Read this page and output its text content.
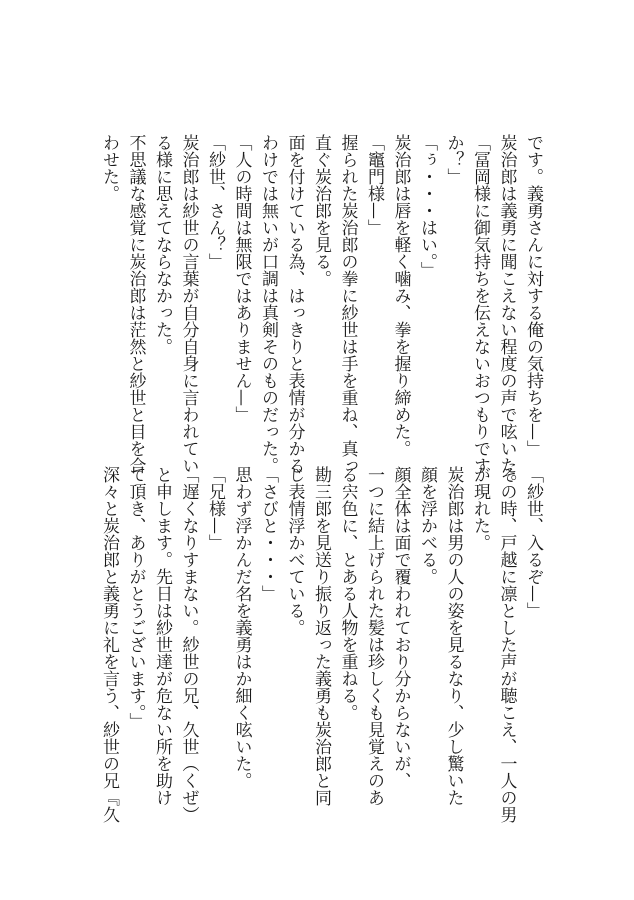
「紗世、入るぞ—」

その時、戸越に凛とした声が聴こえ、一人の男

が現れた。

炭治郎は男の人の姿を見るなり、少し驚いた

顔を浮かべる。

顔全体は面で覆われており分からないが、

一つに結上げられた髪は珍しくも見覚えのあ

る宍色に、とある人物を重ねる。

勘三郎を見送り振り返った義勇も炭治郎と同

じ表情浮かべている。

「さびと・・・」

思わず浮かんだ名を義勇はか細く呟いた。

「兄様—」

「遅くなりすまない。紗世の兄、久世（くぜ）

と申します。先日は紗世達が危ない所を助け

て頂き、ありがとうございます。」

深々と炭治郎と義勇に礼を言う、紗世の兄『久

です。義勇さんに対する俺の気持ちを—」

炭治郎は義勇に聞こえない程度の声で呟いた。

「冨岡様に御気持ちを伝えないおつもりです

か？」

「ぅ・・・はい。」

炭治郎は唇を軽く噛み、拳を握り締めた。

「竈門様—」

握られた炭治郎の拳に紗世は手を重ね、真っ

直ぐ炭治郎を見る。

面を付けている為、はっきりと表情が分かる

わけでは無いが口調は真剣そのものだった。

「人の時間は無限ではありません—」

「紗世、さん？」

炭治郎は紗世の言葉が自分自身に言われてい

る様に思えてならなかった。

不思議な感覚に炭治郎は茫然と紗世と目を合

わせた。
